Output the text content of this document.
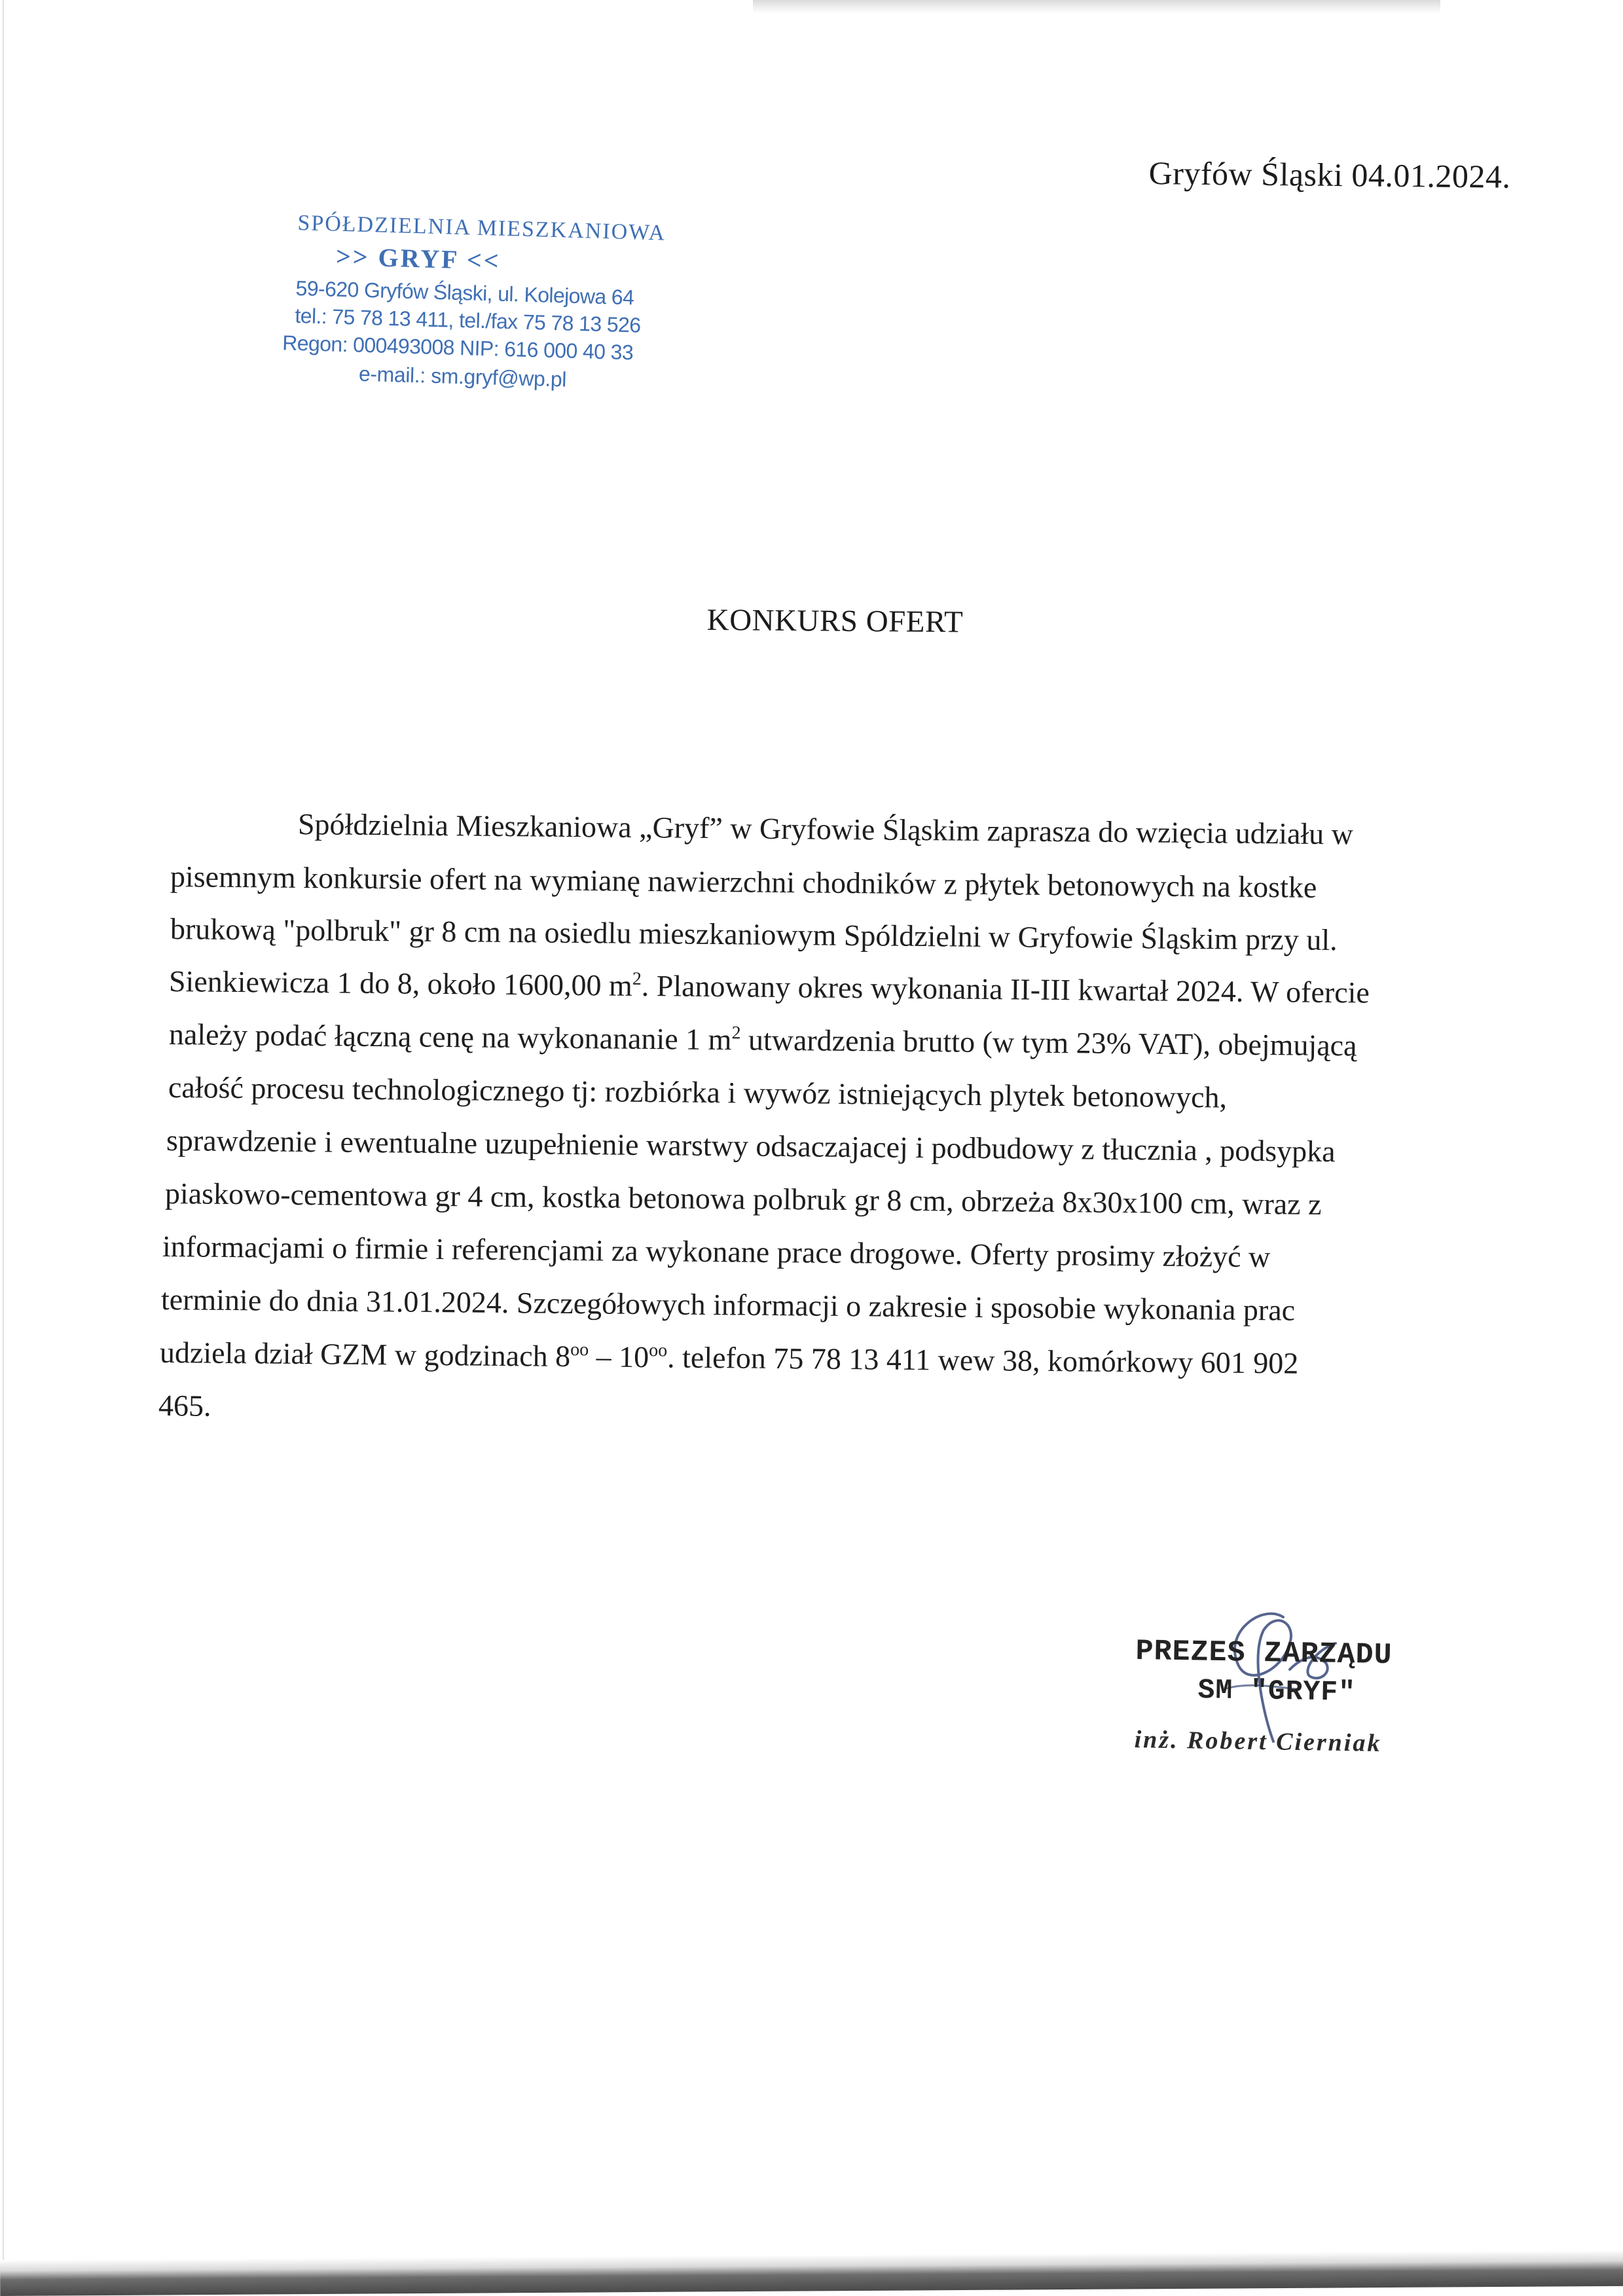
Gryfów Śląski 04.01.2024.
SPÓŁDZIELNIA MIESZKANIOWA
>> GRYF <<
59-620 Gryfów Śląski, ul. Kolejowa 64
tel.: 75 78 13 411, tel./fax 75 78 13 526
Regon: 000493008 NIP: 616 000 40 33
e-mail.: sm.gryf@wp.pl
KONKURS OFERT
Spółdzielnia Mieszkaniowa „Gryf” w Gryfowie Śląskim zaprasza do wzięcia udziału w
pisemnym konkursie ofert na wymianę nawierzchni chodników z płytek betonowych na kostke
brukową "polbruk" gr 8 cm na osiedlu mieszkaniowym Spóldzielni w Gryfowie Śląskim przy ul.
Sienkiewicza 1 do 8, około 1600,00 $m^2$. Planowany okres wykonania II-III kwartał 2024. W ofercie
należy podać łączną cenę na wykonananie 1 $m^2$ utwardzenia brutto (w tym 23% VAT), obejmującą
całość procesu technologicznego tj: rozbiórka i wywóz istniejących plytek betonowych,
sprawdzenie i ewentualne uzupełnienie warstwy odsaczajacej i podbudowy z tłucznia , podsypka
piaskowo-cementowa gr 4 cm, kostka betonowa polbruk gr 8 cm, obrzeża 8x30x100 cm, wraz z
informacjami o firmie i referencjami za wykonane prace drogowe. Oferty prosimy złożyć w
terminie do dnia 31.01.2024. Szczegółowych informacji o zakresie i sposobie wykonania prac
udziela dział GZM w godzinach $8^{oo} - 10^{oo}$. telefon 75 78 13 411 wew 38, komórkowy 601 902
465.
PREZES ZARZĄDU
SM "GRYF"
inż. Robert Cierniak
